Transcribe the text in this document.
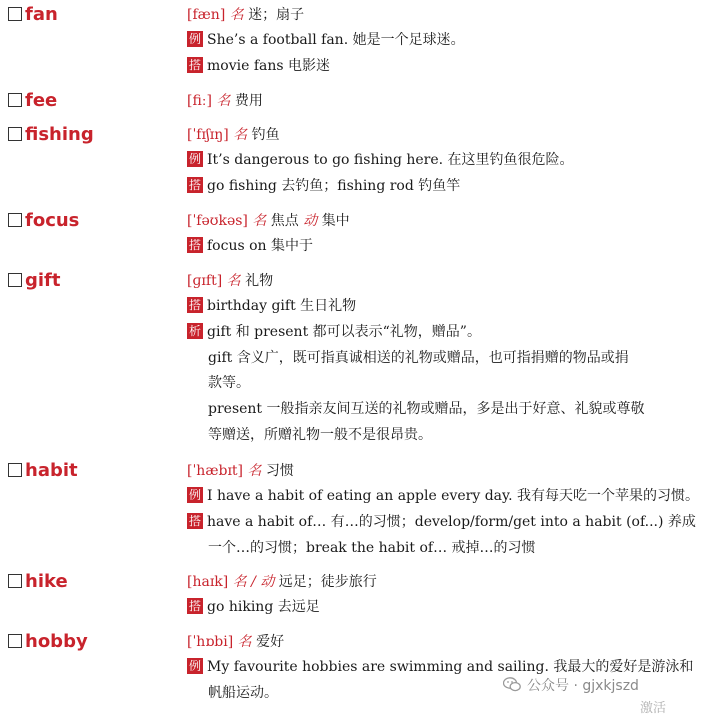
fan	[fæn] 名 迷；扇子
例 She’s a football fan. 她是一个足球迷。
搭 movie fans 电影迷
fee	[fiː] 名 费用
fishing	[ˈfɪʃɪŋ] 名 钓鱼
例 It’s dangerous to go fishing here. 在这里钓鱼很危险。
搭 go fishing 去钓鱼；fishing rod 钓鱼竿
focus	[ˈfəʊkəs] 名 焦点 动 集中
搭 focus on 集中于
gift	[ɡɪft] 名 礼物
搭 birthday gift 生日礼物
析 gift 和 present 都可以表示“礼物，赠品”。
gift 含义广，既可指真诚相送的礼物或赠品，也可指捐赠的物品或捐
款等。
present 一般指亲友间互送的礼物或赠品，多是出于好意、礼貌或尊敬
等赠送，所赠礼物一般不是很昂贵。
habit	[ˈhæbɪt] 名 习惯
例 I have a habit of eating an apple every day. 我有每天吃一个苹果的习惯。
搭 have a habit of… 有…的习惯；develop/form/get into a habit (of...) 养成
一个…的习惯；break the habit of… 戒掉…的习惯
hike	[haɪk] 名 / 动 远足；徒步旅行
搭 go hiking 去远足
hobby	[ˈhɒbi] 名 爱好
例 My favourite hobbies are swimming and sailing. 我最大的爱好是游泳和
帆船运动。	公众号 · gjxkjszd
激活
